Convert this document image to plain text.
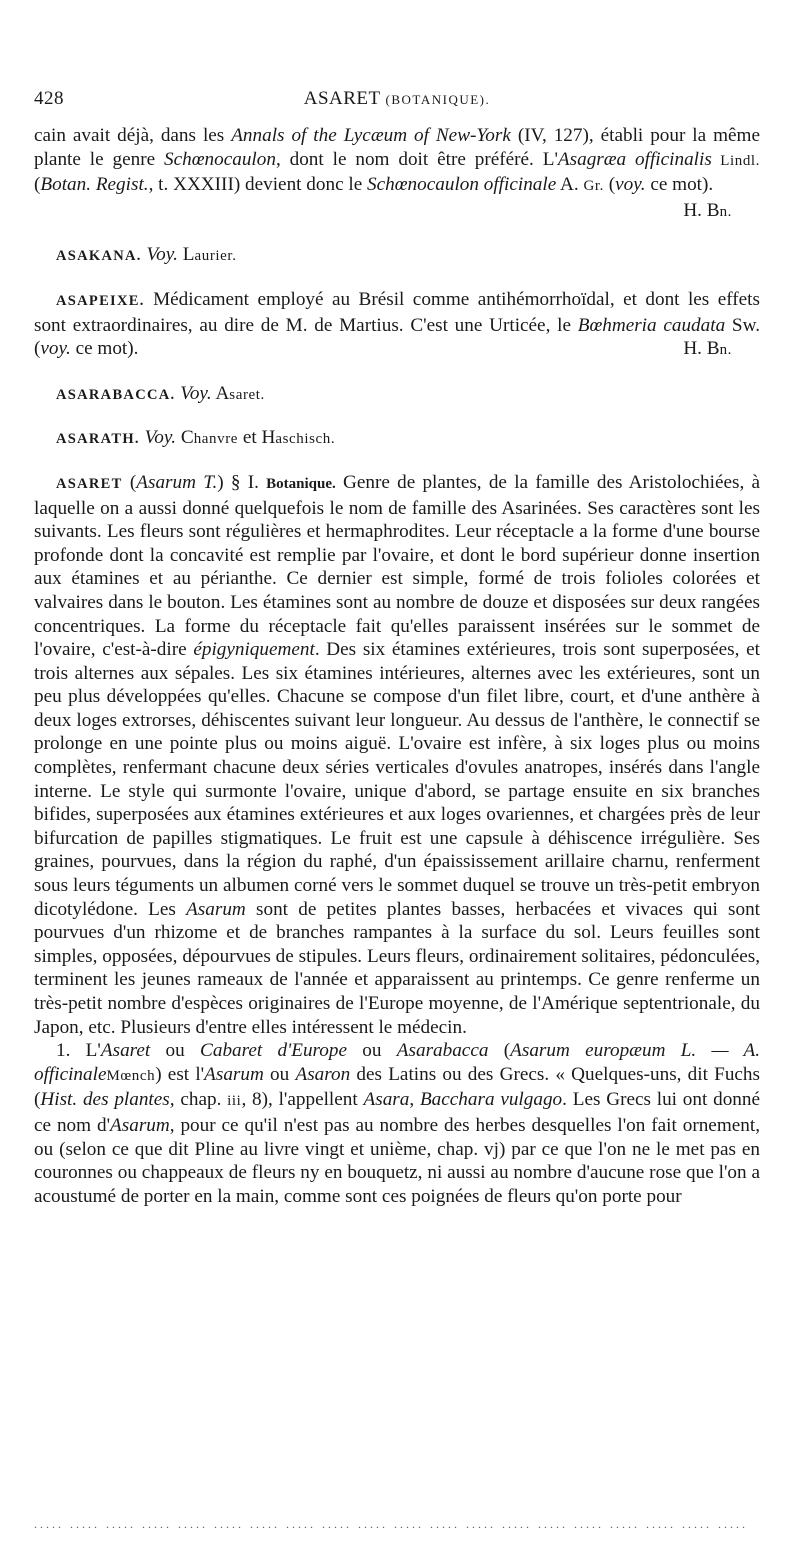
428	ASARET (BOTANIQUE).

cain avait déjà, dans les Annals of the Lycæum of New-York (IV, 127), établi pour la même plante le genre Schœnocaulon, dont le nom doit être préféré. L'Asagræa officinalis Lindl. (Botan. Regist., t. XXXIII) devient donc le Schœnocaulon officinale A. Gr. (voy. ce mot).
H. Bn.

ASAKANA. Voy. Laurier.

ASAPEIXE. Médicament employé au Brésil comme antihémorrhoïdal, et dont les effets sont extraordinaires, au dire de M. de Martius. C'est une Urticée, le Bœhmeria caudata Sw. (voy. ce mot).	H. Bn.

ASARABACCA. Voy. Asaret.

ASARATH. Voy. Chanvre et Haschisch.

ASARET (Asarum T.) § I. Botanique. Genre de plantes, de la famille des Aristolochiées, à laquelle on a aussi donné quelquefois le nom de famille des Asarinées. Ses caractères sont les suivants. Les fleurs sont régulières et hermaphrodites. Leur réceptacle a la forme d'une bourse profonde dont la concavité est remplie par l'ovaire, et dont le bord supérieur donne insertion aux étamines et au périanthe. Ce dernier est simple, formé de trois folioles colorées et valvaires dans le bouton. Les étamines sont au nombre de douze et disposées sur deux rangées concentriques. La forme du réceptacle fait qu'elles paraissent insérées sur le sommet de l'ovaire, c'est-à-dire épigyniquement. Des six étamines extérieures, trois sont superposées, et trois alternes aux sépales. Les six étamines intérieures, alternes avec les extérieures, sont un peu plus développées qu'elles. Chacune se compose d'un filet libre, court, et d'une anthère à deux loges extrorses, déhiscentes suivant leur longueur. Au dessus de l'anthère, le connectif se prolonge en une pointe plus ou moins aiguë. L'ovaire est infère, à six loges plus ou moins complètes, renfermant chacune deux séries verticales d'ovules anatropes, insérés dans l'angle interne. Le style qui surmonte l'ovaire, unique d'abord, se partage ensuite en six branches bifides, superposées aux étamines extérieures et aux loges ovariennes, et chargées près de leur bifurcation de papilles stigmatiques. Le fruit est une capsule à déhiscence irrégulière. Ses graines, pourvues, dans la région du raphé, d'un épaississement arillaire charnu, renferment sous leurs téguments un albumen corné vers le sommet duquel se trouve un très-petit embryon dicotylédone. Les Asarum sont de petites plantes basses, herbacées et vivaces qui sont pourvues d'un rhizome et de branches rampantes à la surface du sol. Leurs feuilles sont simples, opposées, dépourvues de stipules. Leurs fleurs, ordinairement solitaires, pédonculées, terminent les jeunes rameaux de l'année et apparaissent au printemps. Ce genre renferme un très-petit nombre d'espèces originaires de l'Europe moyenne, de l'Amérique septentrionale, du Japon, etc. Plusieurs d'entre elles intéressent le médecin.

1. L'Asaret ou Cabaret d'Europe ou Asarabacca (Asarum europæum L. — A. officinaleMœnch) est l'Asarum ou Asaron des Latins ou des Grecs. « Quelques-uns, dit Fuchs (Hist. des plantes, chap. iii, 8), l'appellent Asara, Bacchara vulgago. Les Grecs lui ont donné ce nom d'Asarum, pour ce qu'il n'est pas au nombre des herbes desquelles l'on fait ornement, ou (selon ce que dit Pline au livre vingt et unième, chap. vj) par ce que l'on ne le met pas en couronnes ou chappeaux de fleurs ny en bouquetz, ni aussi au nombre d'aucune rose que l'on a acoustumé de porter en la main, comme sont ces poignées de fleurs qu'on porte pour

..... ..... ..... ..... ..... ..... ..... ..... ..... ..... ..... ..... ..... ..... ..... ..... ..... ..... ..... .....
